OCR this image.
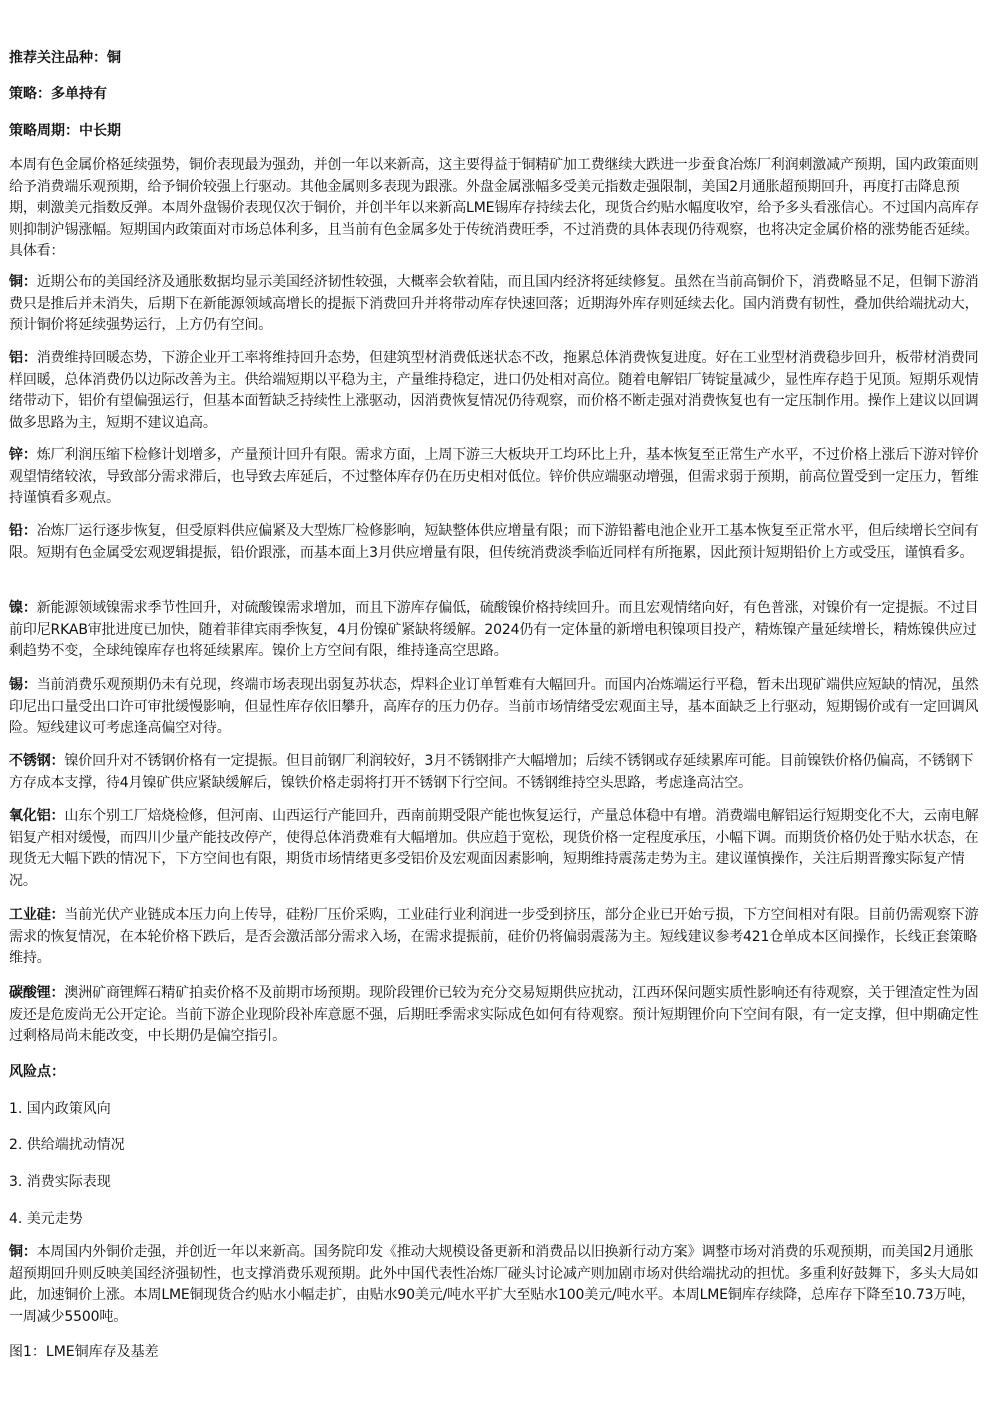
推荐关注品种：铜
策略：多单持有
策略周期：中长期
本周有色金属价格延续强势，铜价表现最为强劲，并创一年以来新高，这主要得益于铜精矿加工费继续大跌进一步蚕食冶炼厂利润刺激减产预期，国内政策面则给予消费端乐观预期，给予铜价较强上行驱动。其他金属则多表现为跟涨。外盘金属涨幅多受美元指数走强限制，美国2月通胀超预期回升，再度打击降息预期，刺激美元指数反弹。本周外盘锡价表现仅次于铜价，并创半年以来新高LME锡库存持续去化，现货合约贴水幅度收窄，给予多头看涨信心。不过国内高库存则抑制沪锡涨幅。短期国内政策面对市场总体利多，且当前有色金属多处于传统消费旺季，不过消费的具体表现仍待观察，也将决定金属价格的涨势能否延续。具体看：
铜：近期公布的美国经济及通胀数据均显示美国经济韧性较强，大概率会软着陆，而且国内经济将延续修复。虽然在当前高铜价下，消费略显不足，但铜下游消费只是推后并未消失，后期下在新能源领域高增长的提振下消费回升并将带动库存快速回落；近期海外库存则延续去化。国内消费有韧性，叠加供给端扰动大，预计铜价将延续强势运行，上方仍有空间。
铝：消费维持回暖态势，下游企业开工率将维持回升态势，但建筑型材消费低迷状态不改，拖累总体消费恢复进度。好在工业型材消费稳步回升，板带材消费同样回暖，总体消费仍以边际改善为主。供给端短期以平稳为主，产量维持稳定，进口仍处相对高位。随着电解铝厂铸锭量减少，显性库存趋于见顶。短期乐观情绪带动下，铝价有望偏强运行，但基本面暂缺乏持续性上涨驱动，因消费恢复情况仍待观察，而价格不断走强对消费恢复也有一定压制作用。操作上建议以回调做多思路为主，短期不建议追高。
锌：炼厂利润压缩下检修计划增多，产量预计回升有限。需求方面，上周下游三大板块开工均环比上升，基本恢复至正常生产水平，不过价格上涨后下游对锌价观望情绪较浓，导致部分需求滞后，也导致去库延后，不过整体库存仍在历史相对低位。锌价供应端驱动增强，但需求弱于预期，前高位置受到一定压力，暂维持谨慎看多观点。
铅：冶炼厂运行逐步恢复，但受原料供应偏紧及大型炼厂检修影响，短缺整体供应增量有限；而下游铅蓄电池企业开工基本恢复至正常水平，但后续增长空间有限。短期有色金属受宏观逻辑提振，铅价跟涨，而基本面上3月供应增量有限，但传统消费淡季临近同样有所拖累，因此预计短期铅价上方或受压，谨慎看多。
镍：新能源领域镍需求季节性回升，对硫酸镍需求增加，而且下游库存偏低，硫酸镍价格持续回升。而且宏观情绪向好，有色普涨，对镍价有一定提振。不过目前印尼RKAB审批进度已加快，随着菲律宾雨季恢复，4月份镍矿紧缺将缓解。2024仍有一定体量的新增电积镍项目投产，精炼镍产量延续增长，精炼镍供应过剩趋势不变，全球纯镍库存也将延续累库。镍价上方空间有限，维持逢高空思路。
锡：当前消费乐观预期仍未有兑现，终端市场表现出弱复苏状态，焊料企业订单暂难有大幅回升。而国内冶炼端运行平稳，暂未出现矿端供应短缺的情况，虽然印尼出口量受出口许可审批缓慢影响，但显性库存依旧攀升，高库存的压力仍存。当前市场情绪受宏观面主导，基本面缺乏上行驱动，短期锡价或有一定回调风险。短线建议可考虑逢高偏空对待。
不锈钢：镍价回升对不锈钢价格有一定提振。但目前钢厂利润较好，3月不锈钢排产大幅增加；后续不锈钢或存延续累库可能。目前镍铁价格仍偏高，不锈钢下方存成本支撑，待4月镍矿供应紧缺缓解后，镍铁价格走弱将打开不锈钢下行空间。不锈钢维持空头思路，考虑逢高沽空。
氧化铝：山东个别工厂焙烧检修，但河南、山西运行产能回升，西南前期受限产能也恢复运行，产量总体稳中有增。消费端电解铝运行短期变化不大，云南电解铝复产相对缓慢，而四川少量产能技改停产，使得总体消费难有大幅增加。供应趋于宽松，现货价格一定程度承压，小幅下调。而期货价格仍处于贴水状态，在现货无大幅下跌的情况下，下方空间也有限，期货市场情绪更多受铝价及宏观面因素影响，短期维持震荡走势为主。建议谨慎操作，关注后期晋豫实际复产情况。
工业硅：当前光伏产业链成本压力向上传导，硅粉厂压价采购，工业硅行业利润进一步受到挤压，部分企业已开始亏损，下方空间相对有限。目前仍需观察下游需求的恢复情况，在本轮价格下跌后，是否会激活部分需求入场，在需求提振前，硅价仍将偏弱震荡为主。短线建议参考421仓单成本区间操作，长线正套策略维持。
碳酸锂：澳洲矿商锂辉石精矿拍卖价格不及前期市场预期。现阶段锂价已较为充分交易短期供应扰动，江西环保问题实质性影响还有待观察，关于锂渣定性为固废还是危废尚无公开定论。当前下游企业现阶段补库意愿不强，后期旺季需求实际成色如何有待观察。预计短期锂价向下空间有限，有一定支撑，但中期确定性过剩格局尚未能改变，中长期仍是偏空指引。
风险点：
1. 国内政策风向
2. 供给端扰动情况
3. 消费实际表现
4. 美元走势
铜：本周国内外铜价走强，并创近一年以来新高。国务院印发《推动大规模设备更新和消费品以旧换新行动方案》调整市场对消费的乐观预期，而美国2月通胀超预期回升则反映美国经济强韧性，也支撑消费乐观预期。此外中国代表性冶炼厂碰头讨论减产则加剧市场对供给端扰动的担忧。多重利好鼓舞下，多头大局如此，加速铜价上涨。本周LME铜现货合约贴水小幅走扩，由贴水90美元/吨水平扩大至贴水100美元/吨水平。本周LME铜库存续降，总库存下降至10.73万吨，一周减少5500吨。
图1：LME铜库存及基差
